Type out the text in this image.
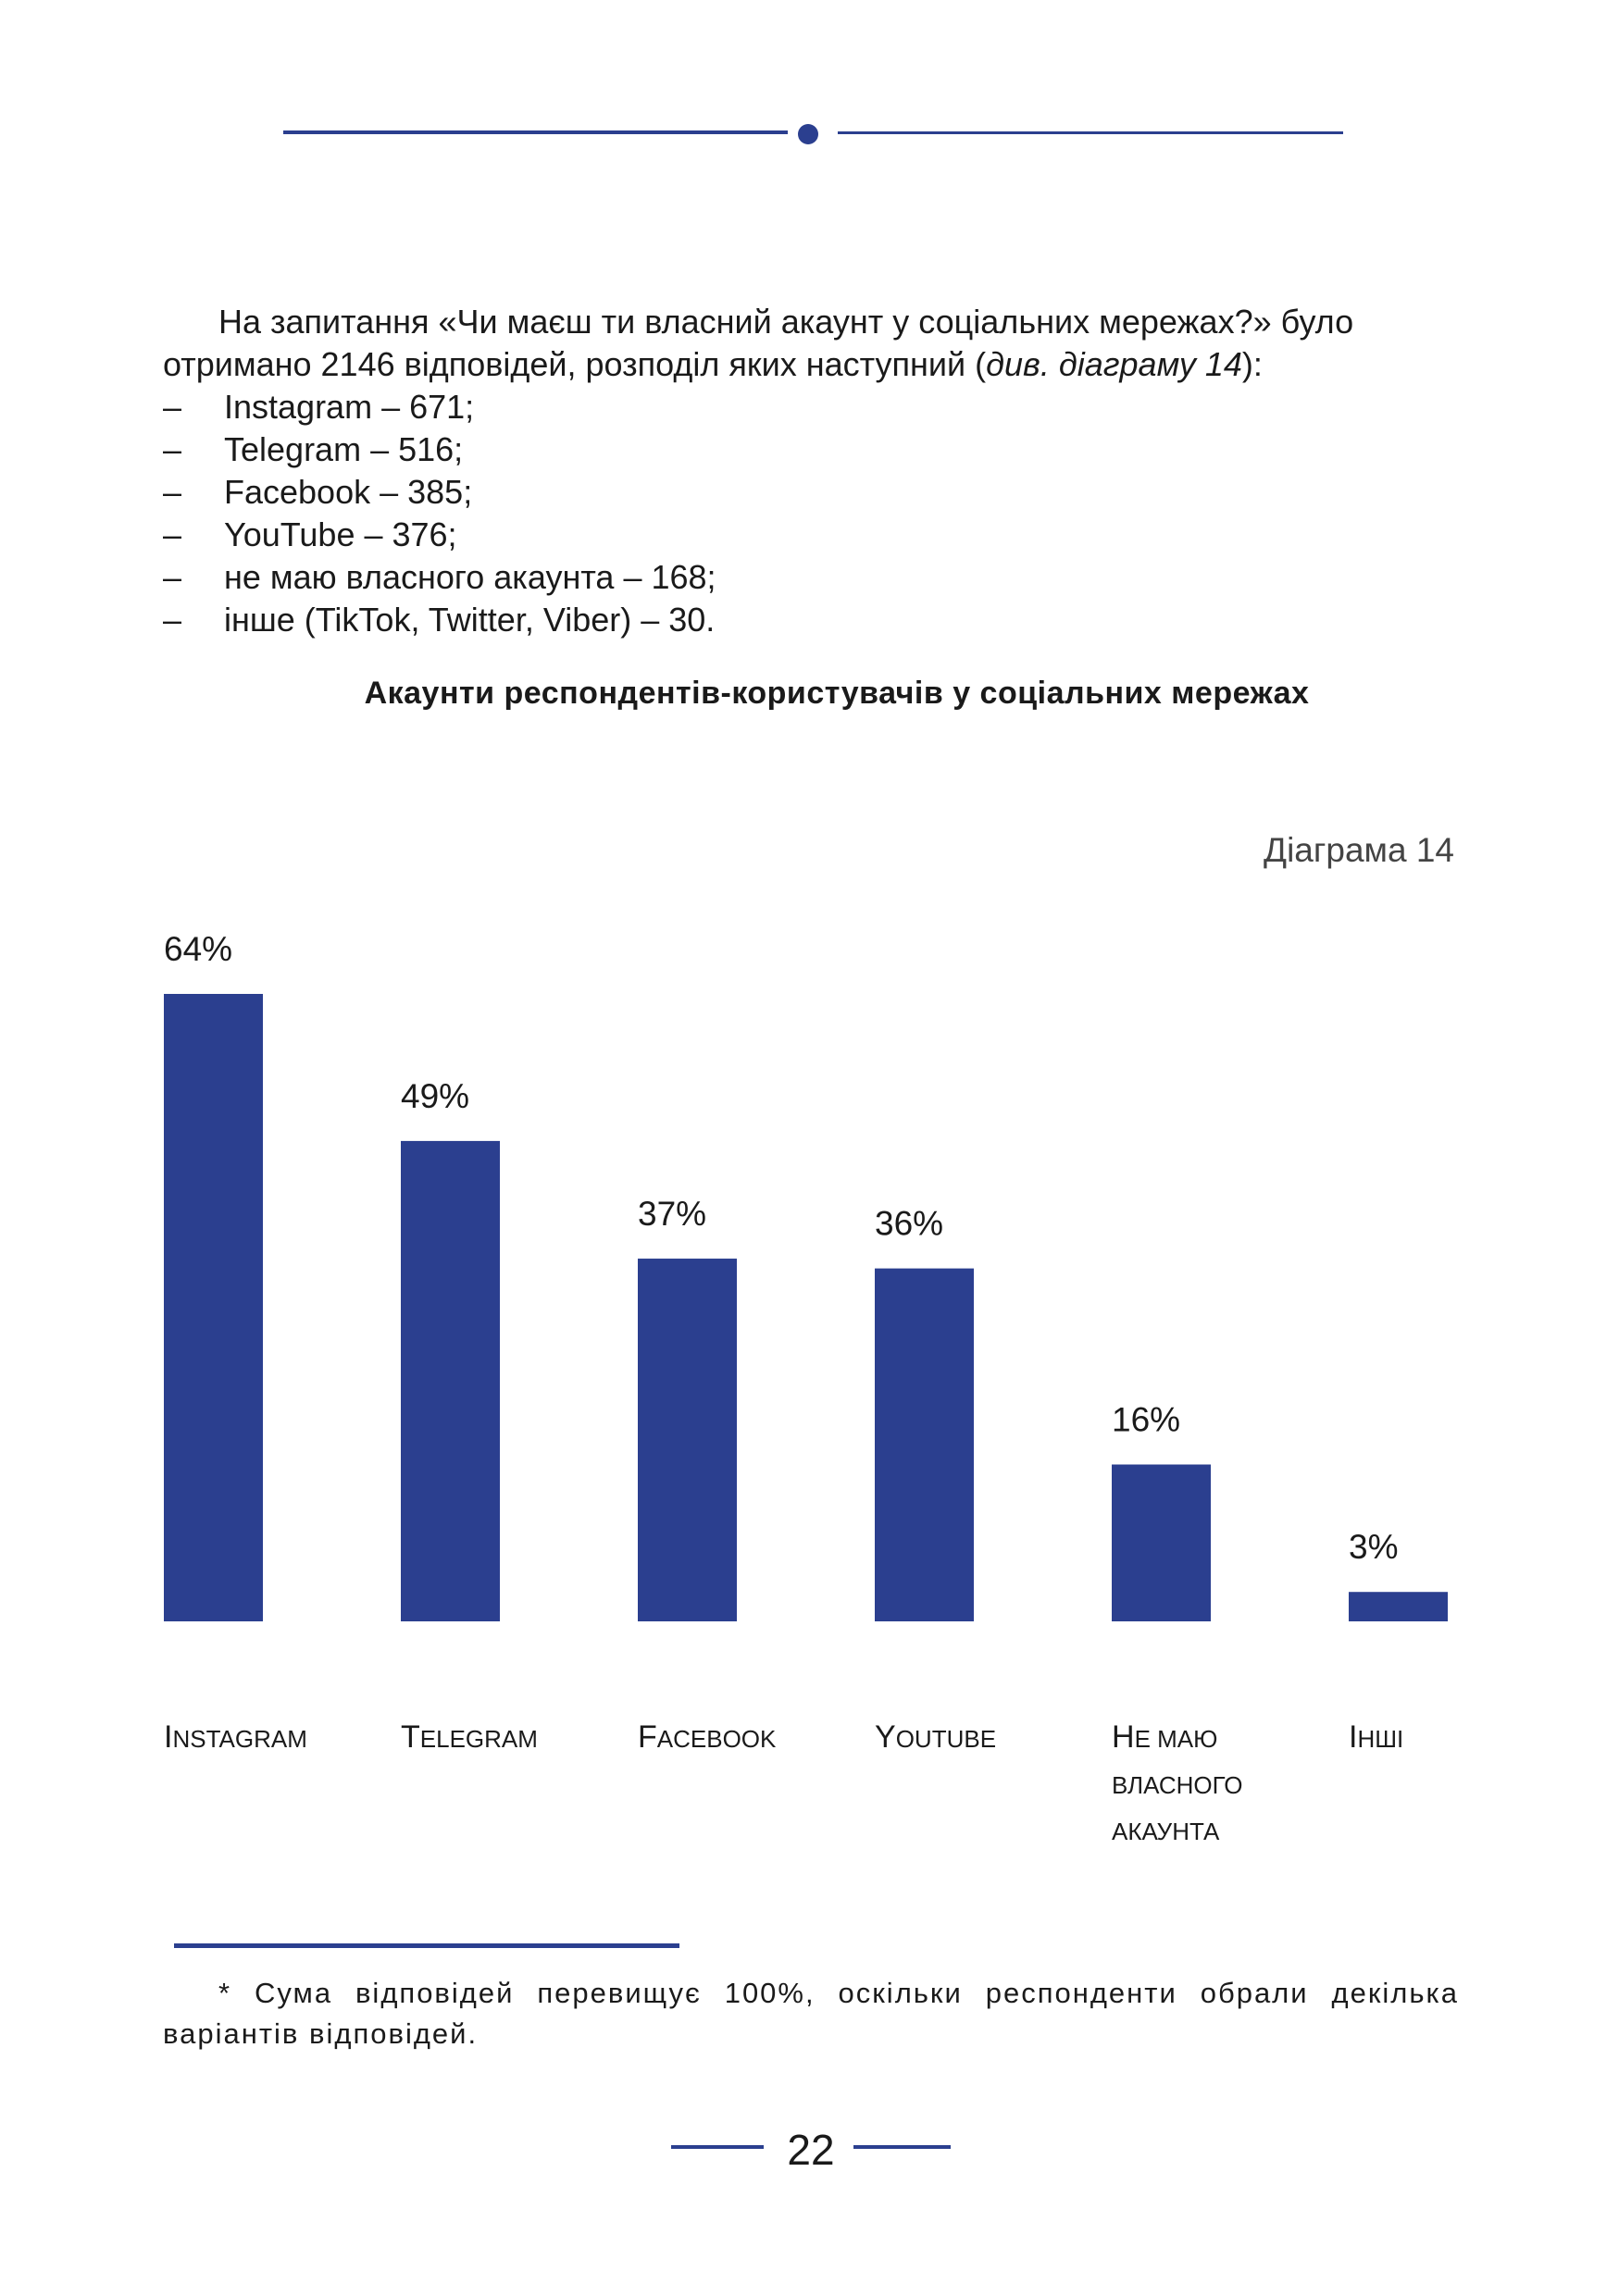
На запитання «Чи маєш ти власний акаунт у соціальних мережах?» було отримано 2146 відповідей, розподіл яких наступний (див. діаграму 14):

– Instagram – 671;
– Telegram – 516;
– Facebook – 385;
– YouTube – 376;
– не маю власного акаунта – 168;
– інше (TikTok, Twitter, Viber) – 30.
Акаунти респондентів-користувачів у соціальних мережах
Діаграма 14
64%
INSTAGRAM
49%
TELEGRAM
37%
FACEBOOK
36%
YOUTUBE
16%
НЕ МАЮ ВЛАСНОГО АКАУНТА
3%
ІНШІ

* Сума відповідей перевищує 100%, оскільки респонденти обрали декілька варіантів відповідей.

22
